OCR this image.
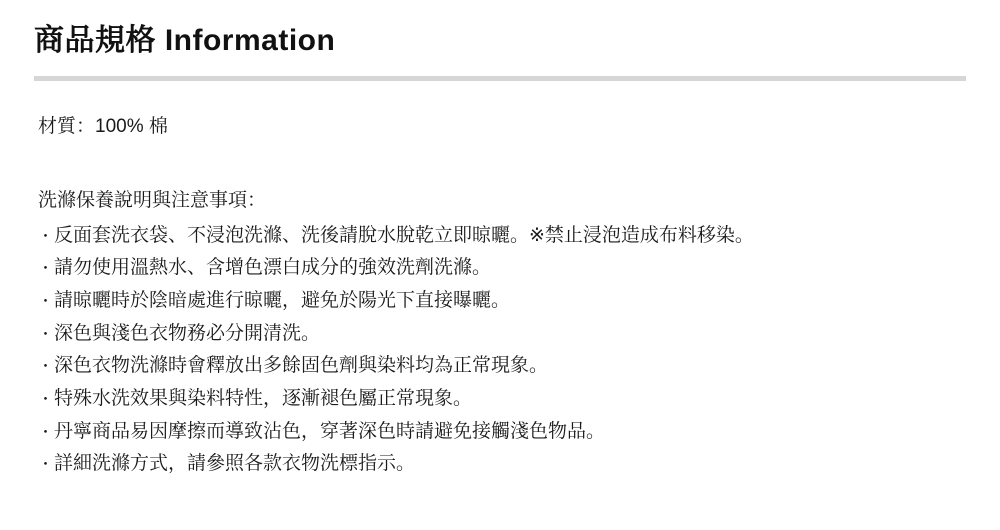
商品規格 Information

材質：100% 棉

洗滌保養說明與注意事項：

・ 反面套洗衣袋、不浸泡洗滌、洗後請脫水脫乾立即晾曬。※禁止浸泡造成布料移染。
・ 請勿使用溫熱水、含增色漂白成分的強效洗劑洗滌。
・ 請晾曬時於陰暗處進行晾曬，避免於陽光下直接曝曬。
・ 深色與淺色衣物務必分開清洗。
・ 深色衣物洗滌時會釋放出多餘固色劑與染料均為正常現象。
・ 特殊水洗效果與染料特性，逐漸褪色屬正常現象。
・ 丹寧商品易因摩擦而導致沾色，穿著深色時請避免接觸淺色物品。
・ 詳細洗滌方式，請參照各款衣物洗標指示。
